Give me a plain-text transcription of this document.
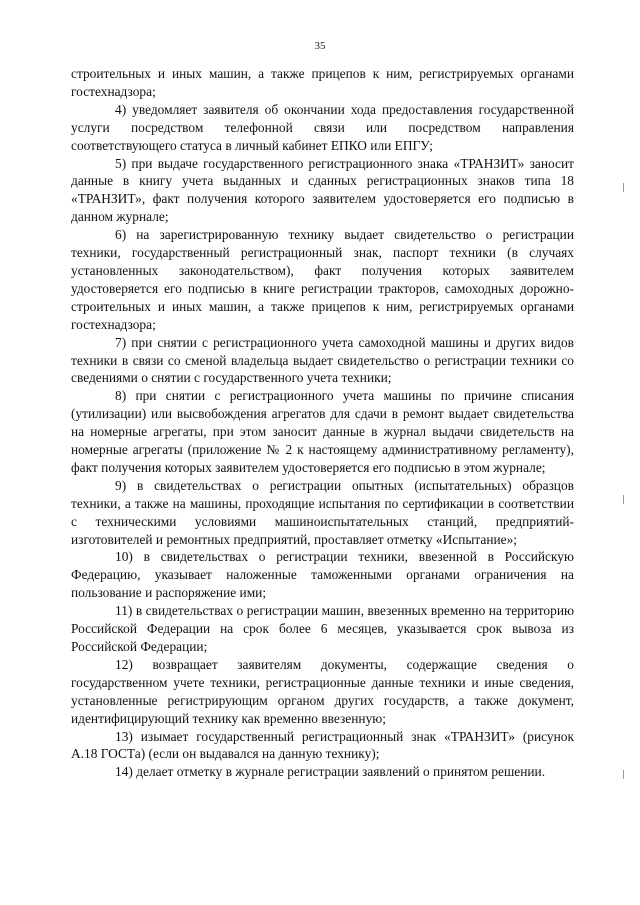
35

строительных и иных машин, а также прицепов к ним, регистрируемых органами гостехнадзора;

4) уведомляет заявителя об окончании хода предоставления государственной услуги посредством телефонной связи или посредством направления соответствующего статуса в личный кабинет ЕПКО или ЕПГУ;

5) при выдаче государственного регистрационного знака «ТРАНЗИТ» заносит данные в книгу учета выданных и сданных регистрационных знаков типа 18 «ТРАНЗИТ», факт получения которого заявителем удостоверяется его подписью в данном журнале;

6) на зарегистрированную технику выдает свидетельство о регистрации техники, государственный регистрационный знак, паспорт техники (в случаях установленных законодательством), факт получения которых заявителем удостоверяется его подписью в книге регистрации тракторов, самоходных дорожно-строительных и иных машин, а также прицепов к ним, регистрируемых органами гостехнадзора;

7) при снятии с регистрационного учета самоходной машины и других видов техники в связи со сменой владельца выдает свидетельство о регистрации техники со сведениями о снятии с государственного учета техники;

8) при снятии с регистрационного учета машины по причине списания (утилизации) или высвобождения агрегатов для сдачи в ремонт выдает свидетельства на номерные агрегаты, при этом заносит данные в журнал выдачи свидетельств на номерные агрегаты (приложение № 2 к настоящему административному регламенту), факт получения которых заявителем удостоверяется его подписью в этом журнале;

9) в свидетельствах о регистрации опытных (испытательных) образцов техники, а также на машины, проходящие испытания по сертификации в соответствии с техническими условиями машиноиспытательных станций, предприятий-изготовителей и ремонтных предприятий, проставляет отметку «Испытание»;

10) в свидетельствах о регистрации техники, ввезенной в Российскую Федерацию, указывает наложенные таможенными органами ограничения на пользование и распоряжение ими;

11) в свидетельствах о регистрации машин, ввезенных временно на территорию Российской Федерации на срок более 6 месяцев, указывается срок вывоза из Российской Федерации;

12) возвращает заявителям документы, содержащие сведения о государственном учете техники, регистрационные данные техники и иные сведения, установленные регистрирующим органом других государств, а также документ, идентифицирующий технику как временно ввезенную;

13) изымает государственный регистрационный знак «ТРАНЗИТ» (рисунок А.18 ГОСТа) (если он выдавался на данную технику);

14) делает отметку в журнале регистрации заявлений о принятом решении.
